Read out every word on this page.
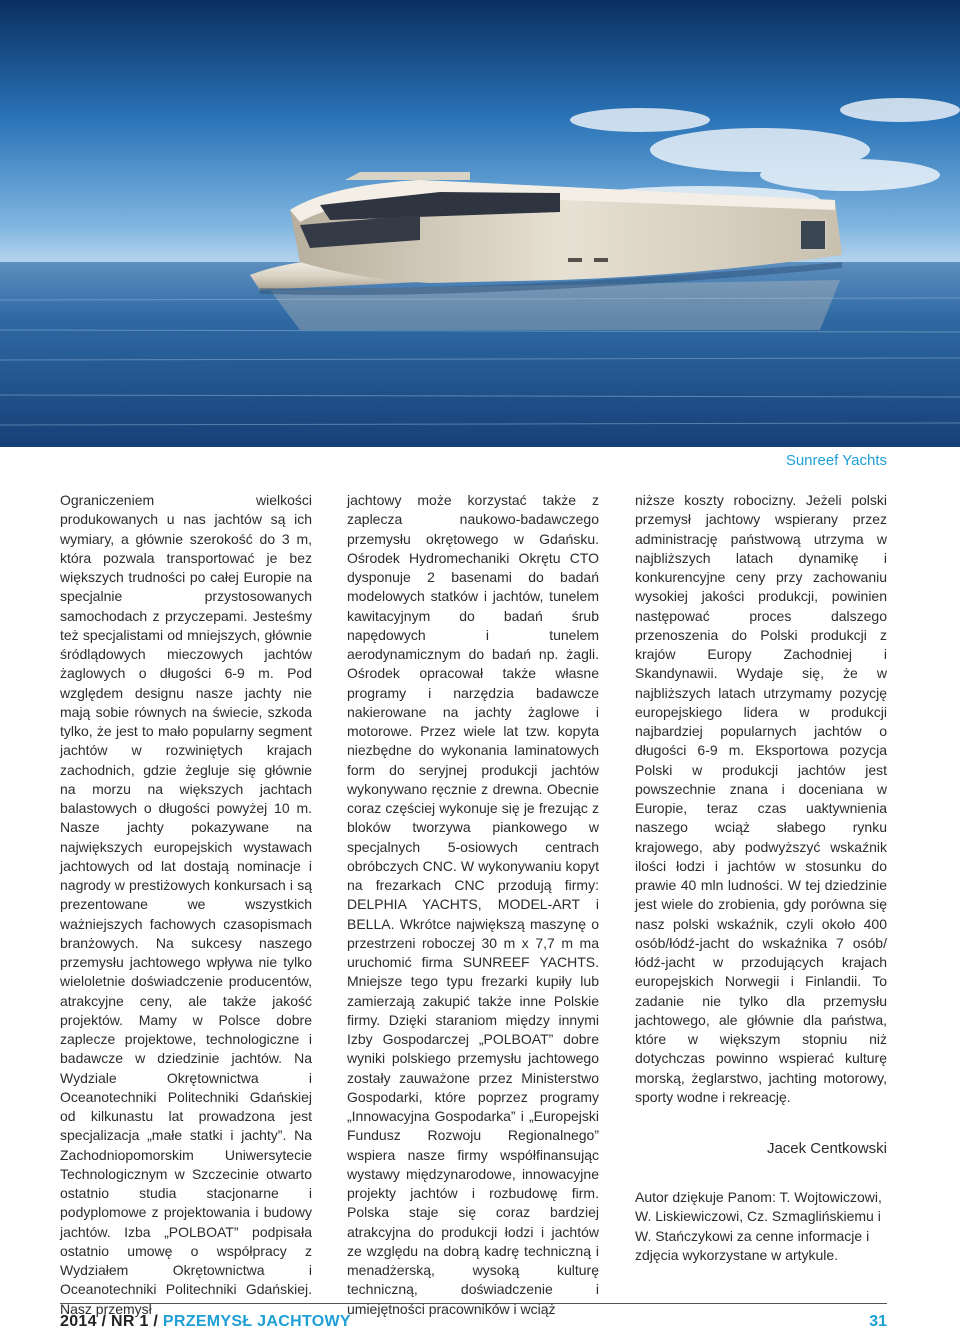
Sunreef Yachts

Ograniczeniem wielkości produkowanych u nas jachtów są ich wymiary, a głównie szerokość do 3 m, która pozwala transportować je bez większych trudności po całej Europie na specjalnie przystosowanych samochodach z przyczepami. Jesteśmy też specjalistami od mniejszych, głównie śródlądowych mieczowych jachtów żaglowych o długości 6-9 m. Pod względem designu nasze jachty nie mają sobie równych na świecie, szkoda tylko, że jest to mało popularny segment jachtów w rozwiniętych krajach zachodnich, gdzie żegluje się głównie na morzu na większych jachtach balastowych o długości powyżej 10 m. Nasze jachty pokazywane na największych europejskich wystawach jachtowych od lat dostają nominacje i nagrody w prestiżowych konkursach i są prezentowane we wszystkich ważniejszych fachowych czasopismach branżowych. Na sukcesy naszego przemysłu jachtowego wpływa nie tylko wieloletnie doświadczenie producentów, atrakcyjne ceny, ale także jakość projektów. Mamy w Polsce dobre zaplecze projektowe, technologiczne i badawcze w dziedzinie jachtów. Na Wydziale Okrętownictwa i Oceanotechniki Politechniki Gdańskiej od kilkunastu lat prowadzona jest specjalizacja „małe statki i jachty”. Na Zachodniopomorskim Uniwersytecie Technologicznym w Szczecinie otwarto ostatnio studia stacjonarne i podyplomowe z projektowania i budowy jachtów. Izba „POLBOAT” podpisała ostatnio umowę o współpracy z Wydziałem Okrętownictwa i Oceanotechniki Politechniki Gdańskiej. Nasz przemysł

jachtowy może korzystać także z zaplecza naukowo-badawczego przemysłu okrętowego w Gdańsku. Ośrodek Hydromechaniki Okrętu CTO dysponuje 2 basenami do badań modelowych statków i jachtów, tunelem kawitacyjnym do badań śrub napędowych i tunelem aerodynamicznym do badań np. żagli. Ośrodek opracował także własne programy i narzędzia badawcze nakierowane na jachty żaglowe i motorowe. Przez wiele lat tzw. kopyta niezbędne do wykonania laminatowych form do seryjnej produkcji jachtów wykonywano ręcznie z drewna. Obecnie coraz częściej wykonuje się je frezując z bloków tworzywa piankowego w specjalnych 5-osiowych centrach obróbczych CNC. W wykonywaniu kopyt na frezarkach CNC przodują firmy: DELPHIA YACHTS, MODEL-ART i BELLA. Wkrótce największą maszynę o przestrzeni roboczej 30 m x 7,7 m ma uruchomić firma SUNREEF YACHTS. Mniejsze tego typu frezarki kupiły lub zamierzają zakupić także inne Polskie firmy. Dzięki staraniom między innymi Izby Gospodarczej „POLBOAT” dobre wyniki polskiego przemysłu jachtowego zostały zauważone przez Ministerstwo Gospodarki, które poprzez programy „Innowacyjna Gospodarka” i „Europejski Fundusz Rozwoju Regionalnego” wspiera nasze firmy współfinansując wystawy międzynarodowe, innowacyjne projekty jachtów i rozbudowę firm. Polska staje się coraz bardziej atrakcyjna do produkcji łodzi i jachtów ze względu na dobrą kadrę techniczną i menadżerską, wysoką kulturę techniczną, doświadczenie i umiejętności pracowników i wciąż

niższe koszty robocizny. Jeżeli polski przemysł jachtowy wspierany przez administrację państwową utrzyma w najbliższych latach dynamikę i konkurencyjne ceny przy zachowaniu wysokiej jakości produkcji, powinien następować proces dalszego przenoszenia do Polski produkcji z krajów Europy Zachodniej i Skandynawii. Wydaje się, że w najbliższych latach utrzymamy pozycję europejskiego lidera w produkcji najbardziej popularnych jachtów o długości 6-9 m. Eksportowa pozycja Polski w produkcji jachtów jest powszechnie znana i doceniana w Europie, teraz czas uaktywnienia naszego wciąż słabego rynku krajowego, aby podwyższyć wskaźnik ilości łodzi i jachtów w stosunku do prawie 40 mln ludności. W tej dziedzinie jest wiele do zrobienia, gdy porówna się nasz polski wskaźnik, czyli około 400 osób/łódź-jacht do wskaźnika 7 osób/łódź-jacht w przodujących krajach europejskich Norwegii i Finlandii. To zadanie nie tylko dla przemysłu jachtowego, ale głównie dla państwa, które w większym stopniu niż dotychczas powinno wspierać kulturę morską, żeglarstwo, jachting motorowy, sporty wodne i rekreację.

Jacek Centkowski
Autor dziękuje Panom: T. Wojtowiczowi, W. Liskiewiczowi, Cz. Szmaglińskiemu i W. Stańczykowi za cenne informacje i zdjęcia wykorzystane w artykule.
2014 / NR 1 / PRZEMYSŁ JACHTOWY	31
